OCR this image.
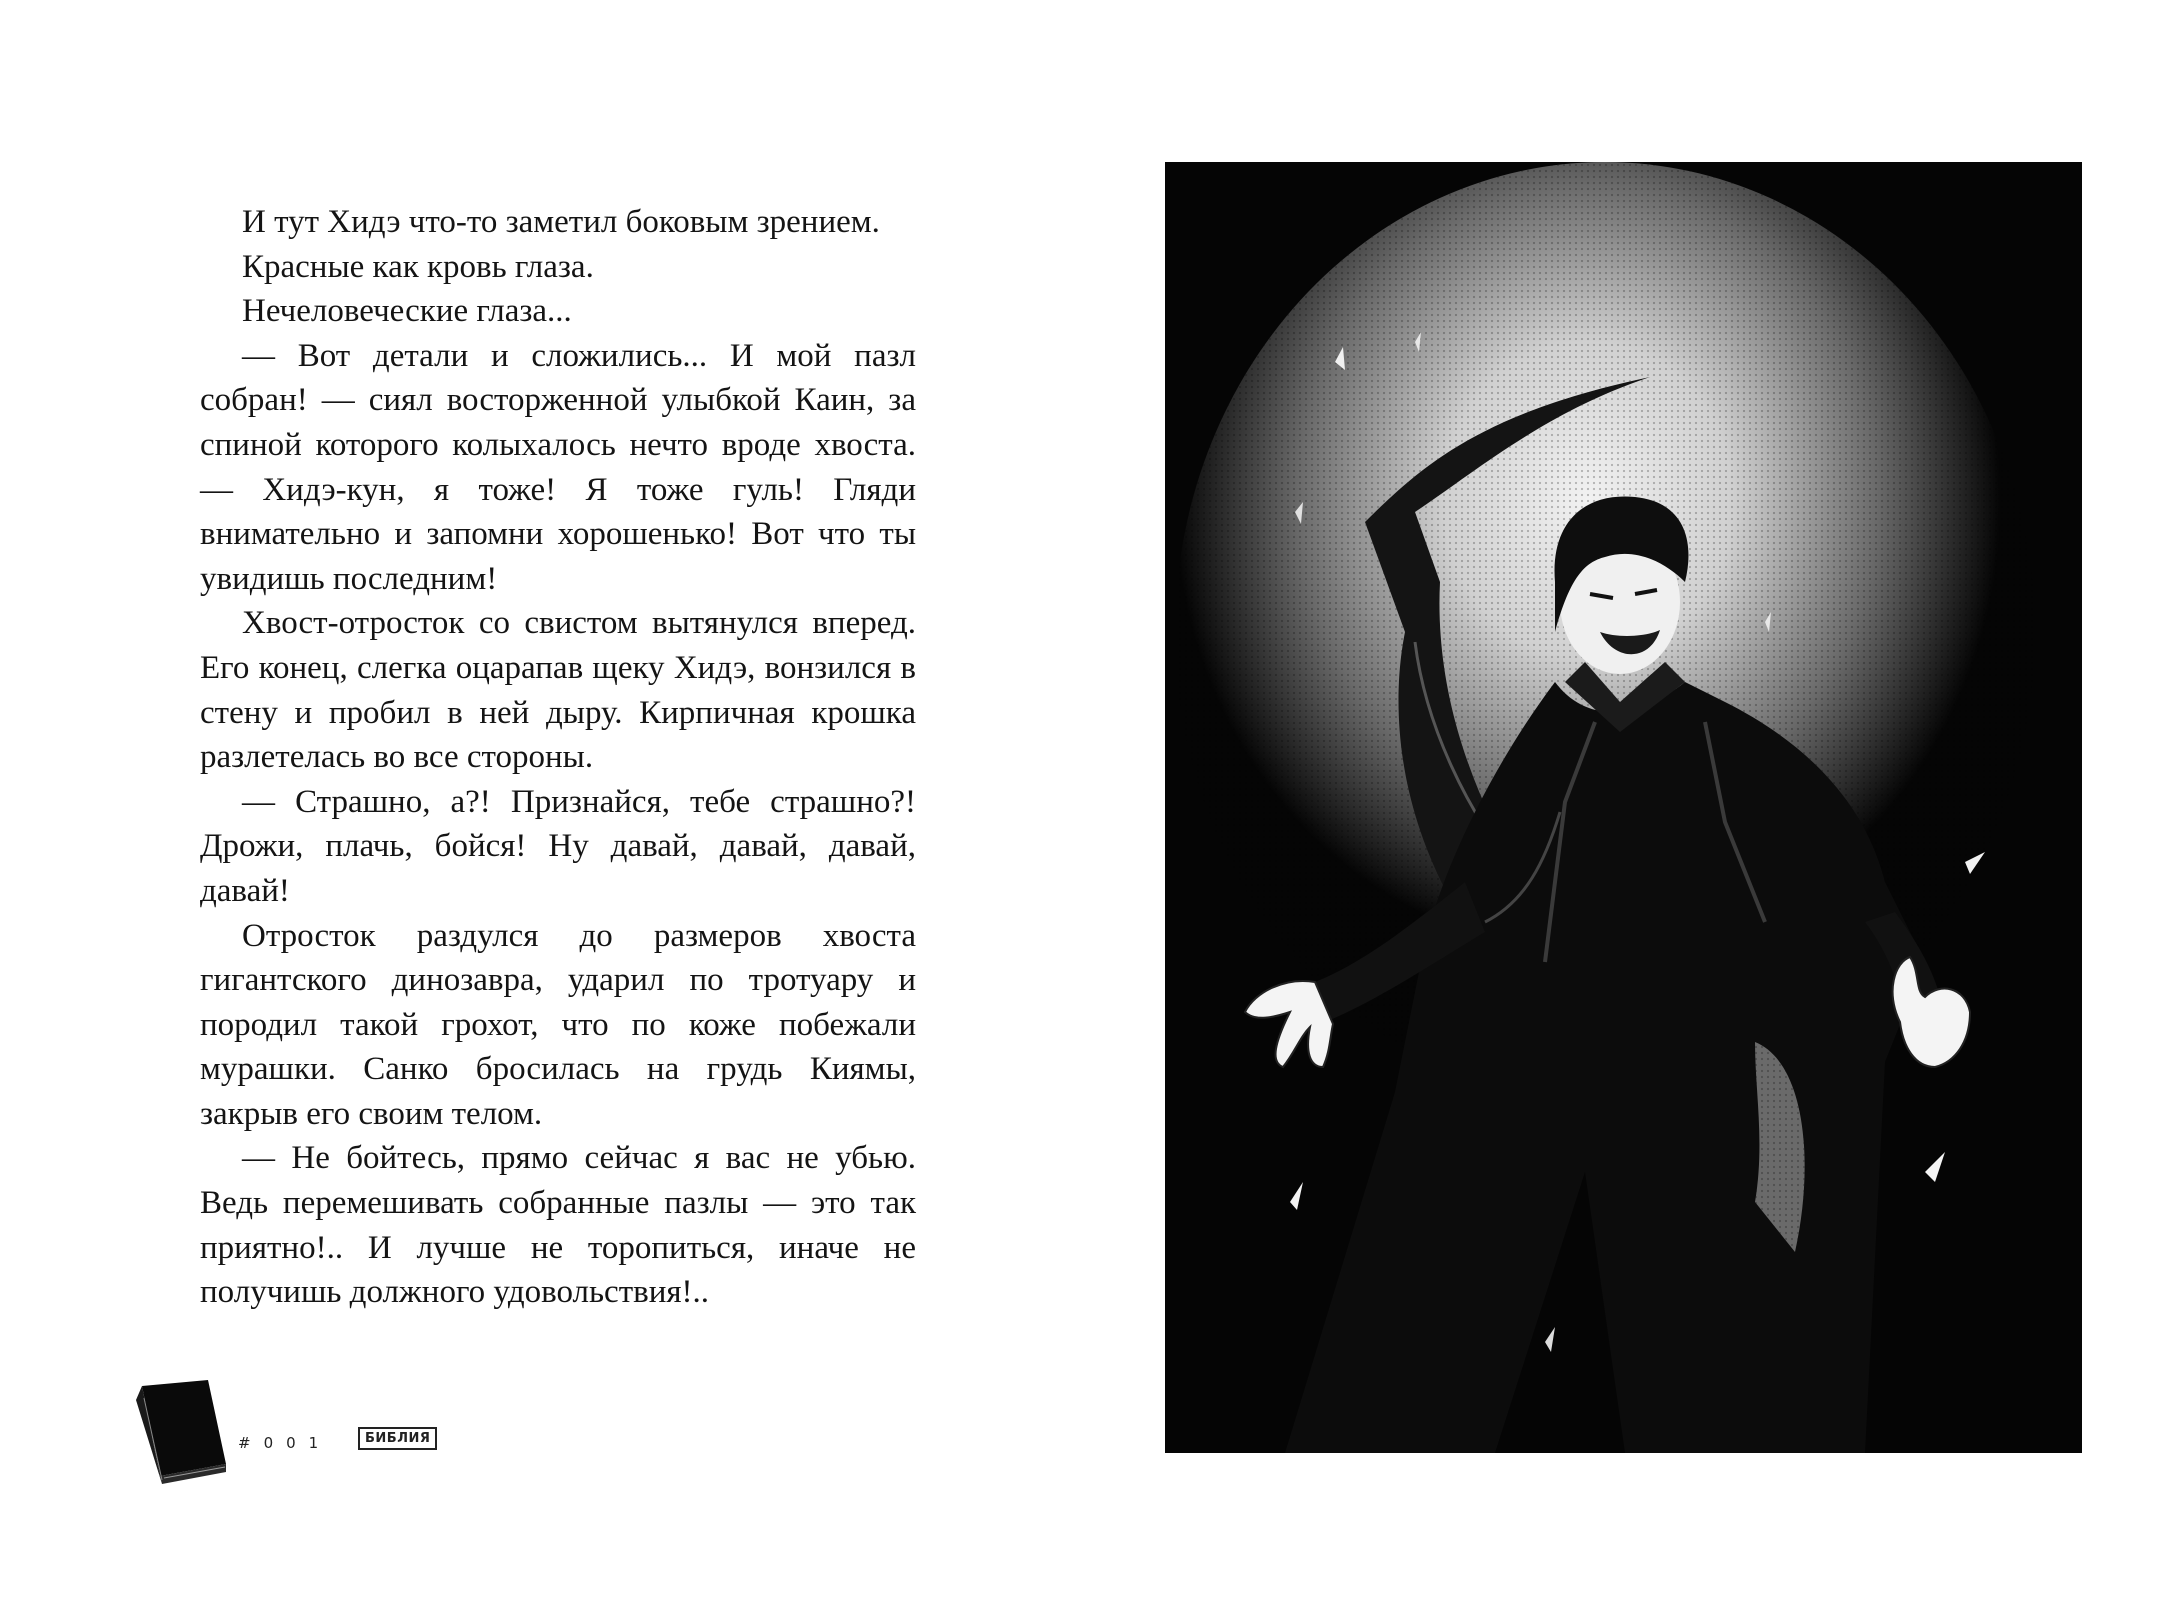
И тут Хидэ что-то заметил боковым зрением.

Красные как кровь глаза.

Нечеловеческие глаза...

— Вот детали и сложились... И мой пазл собран! — сиял восторженной улыбкой Каин, за спиной которого колыхалось нечто вроде хвоста. — Хидэ-кун, я тоже! Я тоже гуль! Гляди внимательно и запомни хорошенько! Вот что ты увидишь последним!

Хвост-отросток со свистом вытянулся вперед. Его конец, слегка оцарапав щеку Хидэ, вонзился в стену и пробил в ней дыру. Кирпичная крошка разлетелась во все стороны.

— Страшно, а?! Признайся, тебе страшно?! Дрожи, плачь, бойся! Ну давай, давай, давай, давай!

Отросток раздулся до размеров хвоста гигантского динозавра, ударил по тротуару и породил такой грохот, что по коже побежали мурашки. Санко бросилась на грудь Киямы, закрыв его своим телом.

— Не бойтесь, прямо сейчас я вас не убью. Ведь перемешивать собранные пазлы — это так приятно!.. И лучше не торопиться, иначе не получишь должного удовольствия!..

#001	БИБЛИЯ
